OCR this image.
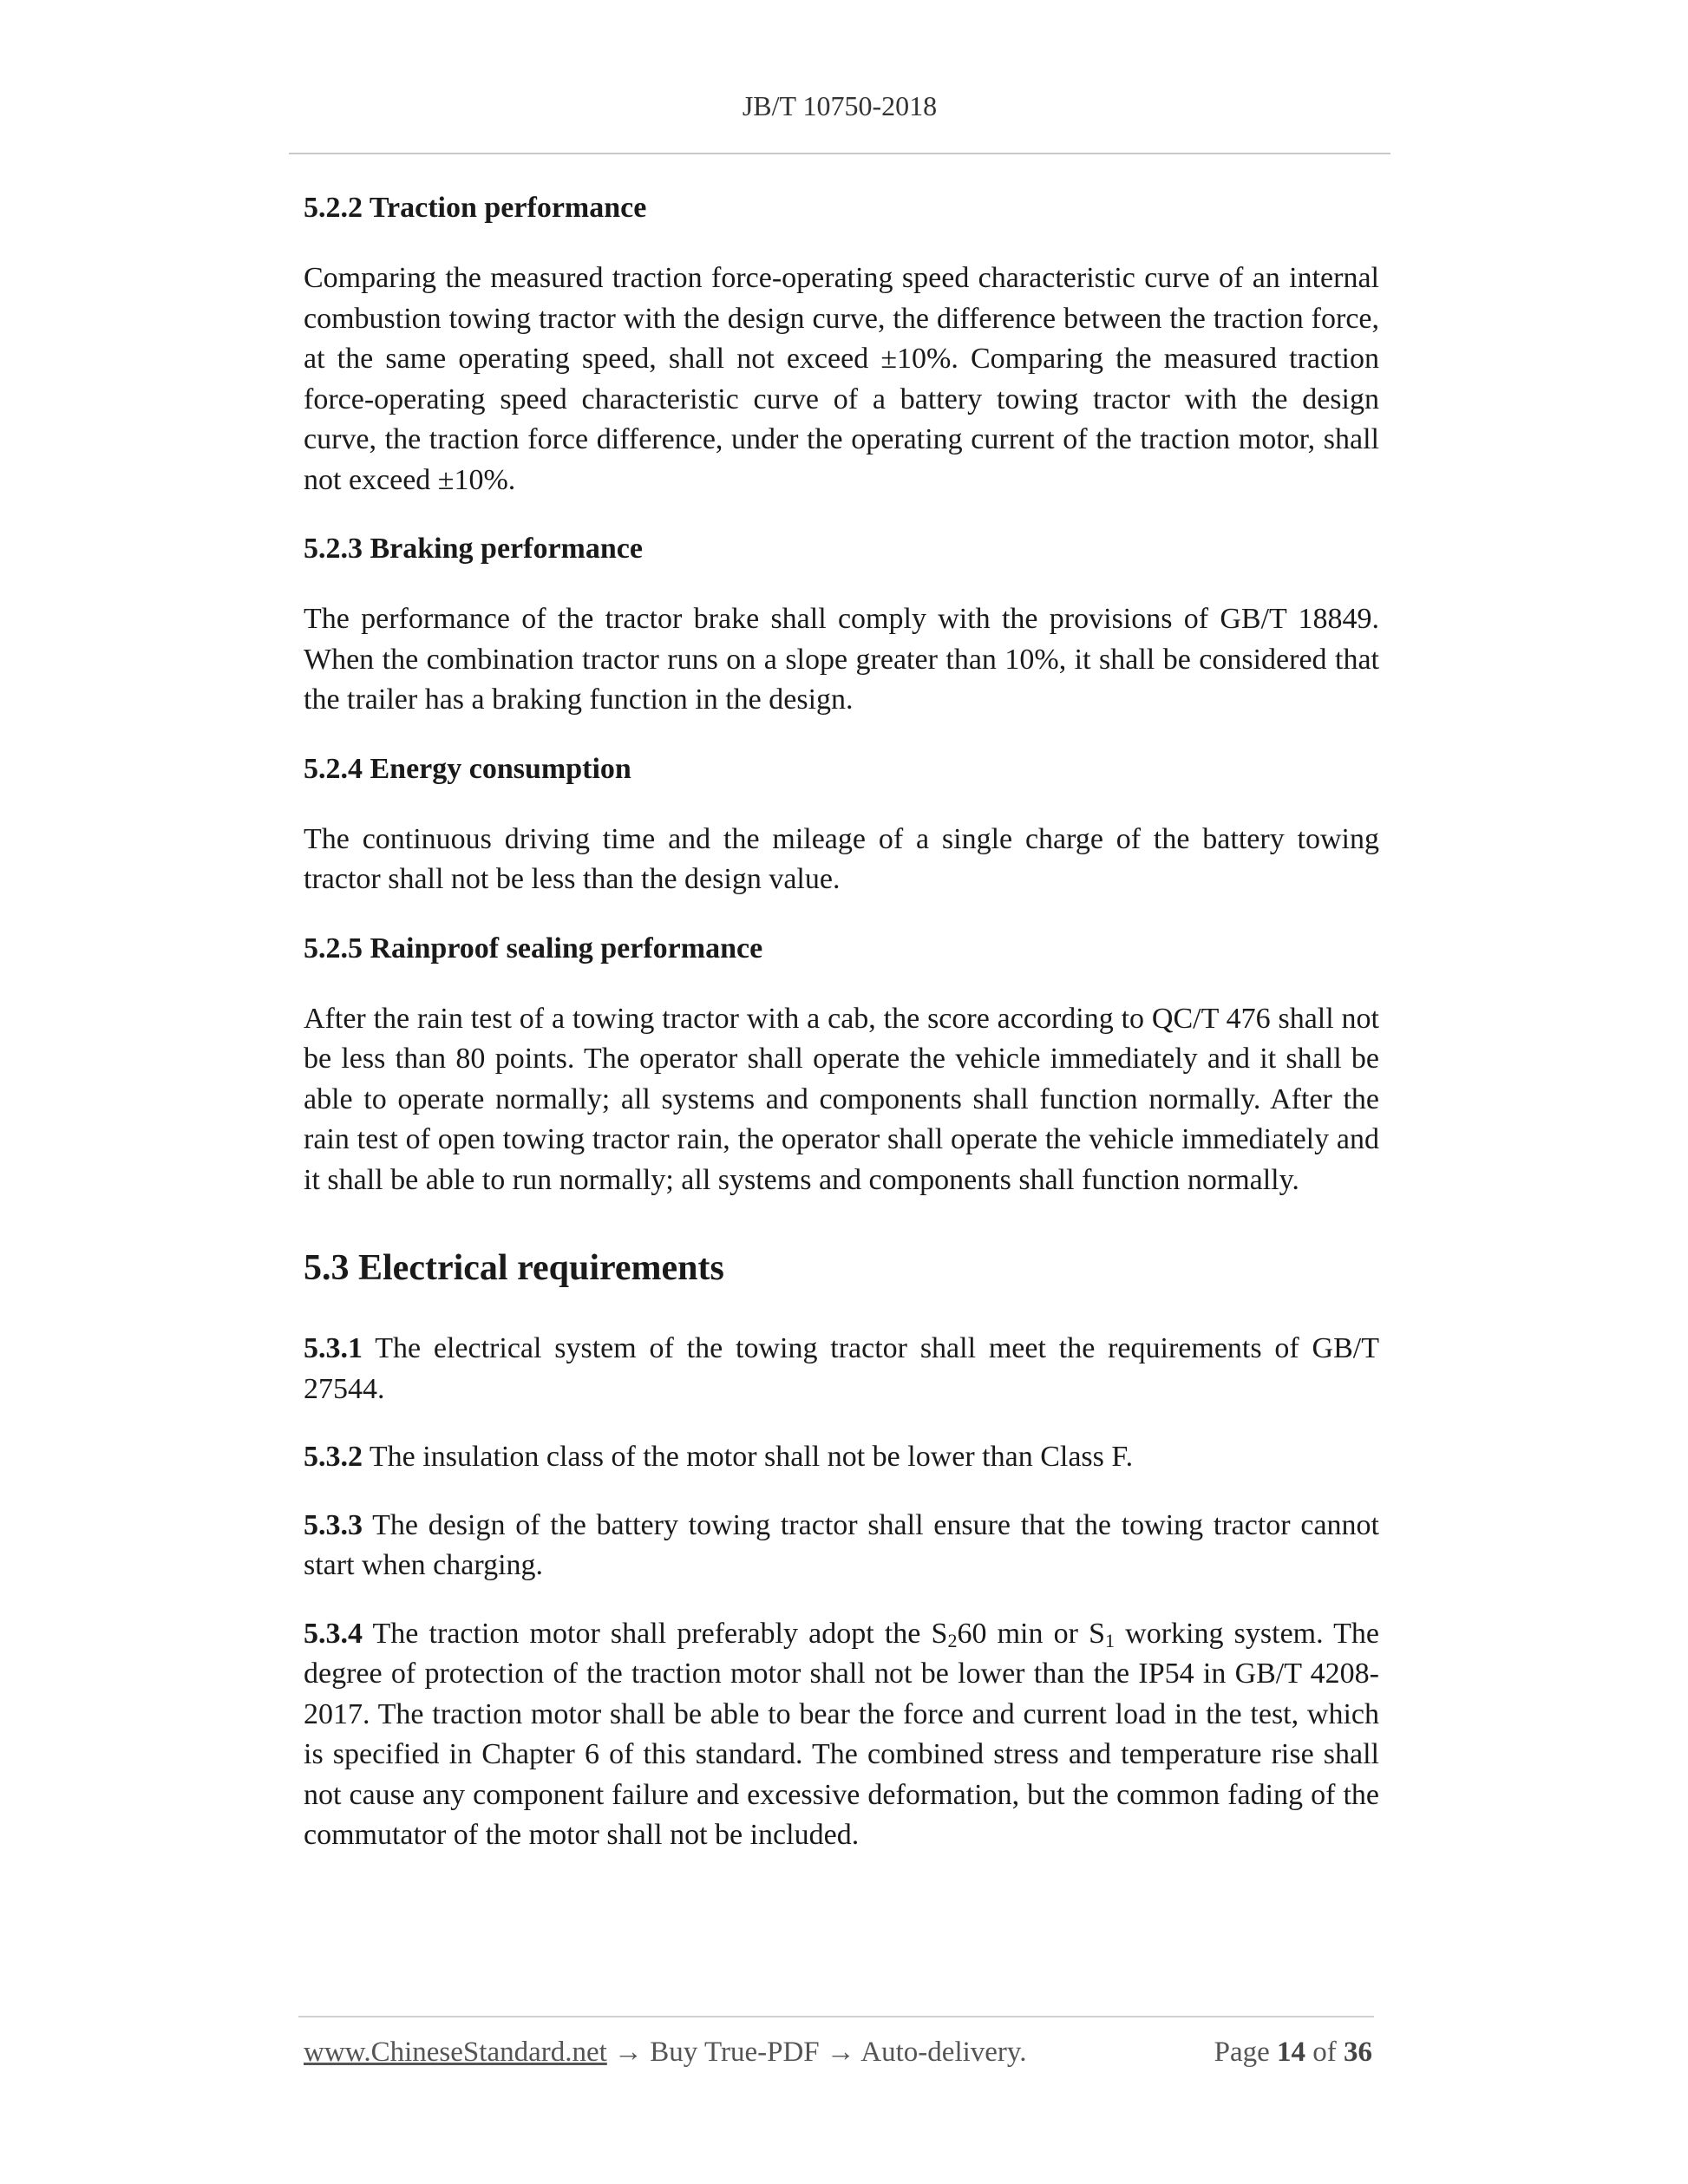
JB/T 10750-2018

5.2.2 Traction performance

Comparing the measured traction force-operating speed characteristic curve of an internal combustion towing tractor with the design curve, the difference between the traction force, at the same operating speed, shall not exceed ±10%. Comparing the measured traction force-operating speed characteristic curve of a battery towing tractor with the design curve, the traction force difference, under the operating current of the traction motor, shall not exceed ±10%.

5.2.3 Braking performance

The performance of the tractor brake shall comply with the provisions of GB/T 18849. When the combination tractor runs on a slope greater than 10%, it shall be considered that the trailer has a braking function in the design.

5.2.4 Energy consumption

The continuous driving time and the mileage of a single charge of the battery towing tractor shall not be less than the design value.

5.2.5 Rainproof sealing performance

After the rain test of a towing tractor with a cab, the score according to QC/T 476 shall not be less than 80 points. The operator shall operate the vehicle immediately and it shall be able to operate normally; all systems and components shall function normally. After the rain test of open towing tractor rain, the operator shall operate the vehicle immediately and it shall be able to run normally; all systems and components shall function normally.

5.3 Electrical requirements

5.3.1 The electrical system of the towing tractor shall meet the requirements of GB/T 27544.

5.3.2 The insulation class of the motor shall not be lower than Class F.

5.3.3 The design of the battery towing tractor shall ensure that the towing tractor cannot start when charging.

5.3.4 The traction motor shall preferably adopt the $S_260$ min or $S_1$ working system. The degree of protection of the traction motor shall not be lower than the IP54 in GB/T 4208-2017. The traction motor shall be able to bear the force and current load in the test, which is specified in Chapter 6 of this standard. The combined stress and temperature rise shall not cause any component failure and excessive deformation, but the common fading of the commutator of the motor shall not be included.

www.ChineseStandard.net → Buy True-PDF → Auto-delivery.	Page 14 of 36
